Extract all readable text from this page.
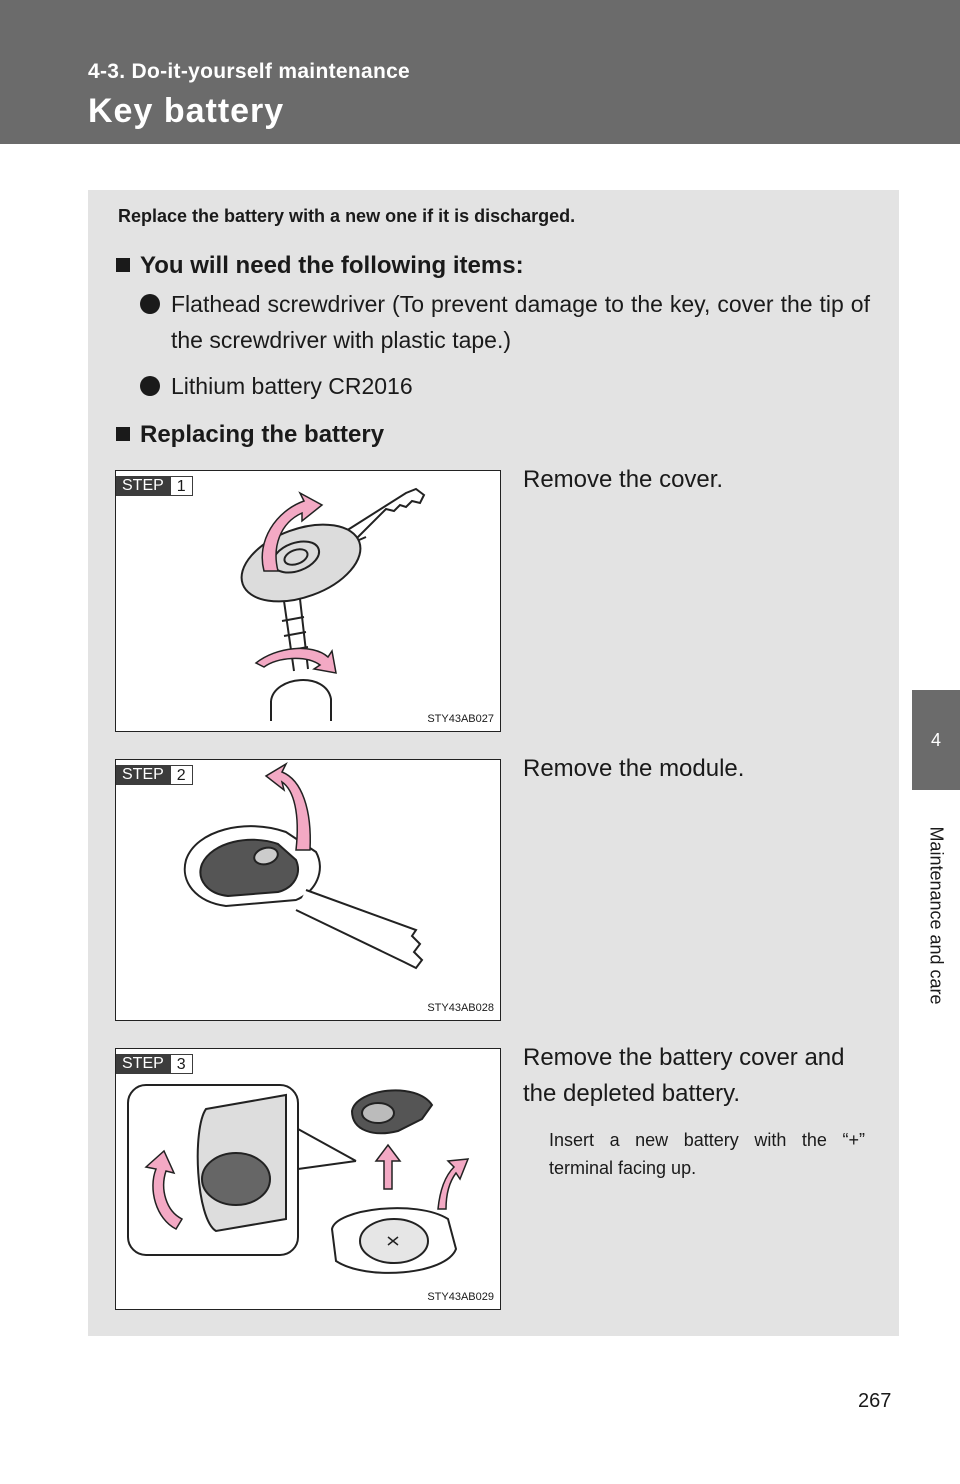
4-3. Do-it-yourself maintenance
Key battery
4
Maintenance and care
Replace the battery with a new one if it is discharged.
You will need the following items:
Flathead screwdriver (To prevent damage to the key, cover the tip of the screwdriver with plastic tape.)
Lithium battery CR2016
Replacing the battery
STEP 1
STY43AB027
Remove the cover.
STEP 2
STY43AB028
Remove the module.
STEP 3
STY43AB029
Remove the battery cover and
the depleted battery.
Insert a new battery with the “+” terminal facing up.
267
